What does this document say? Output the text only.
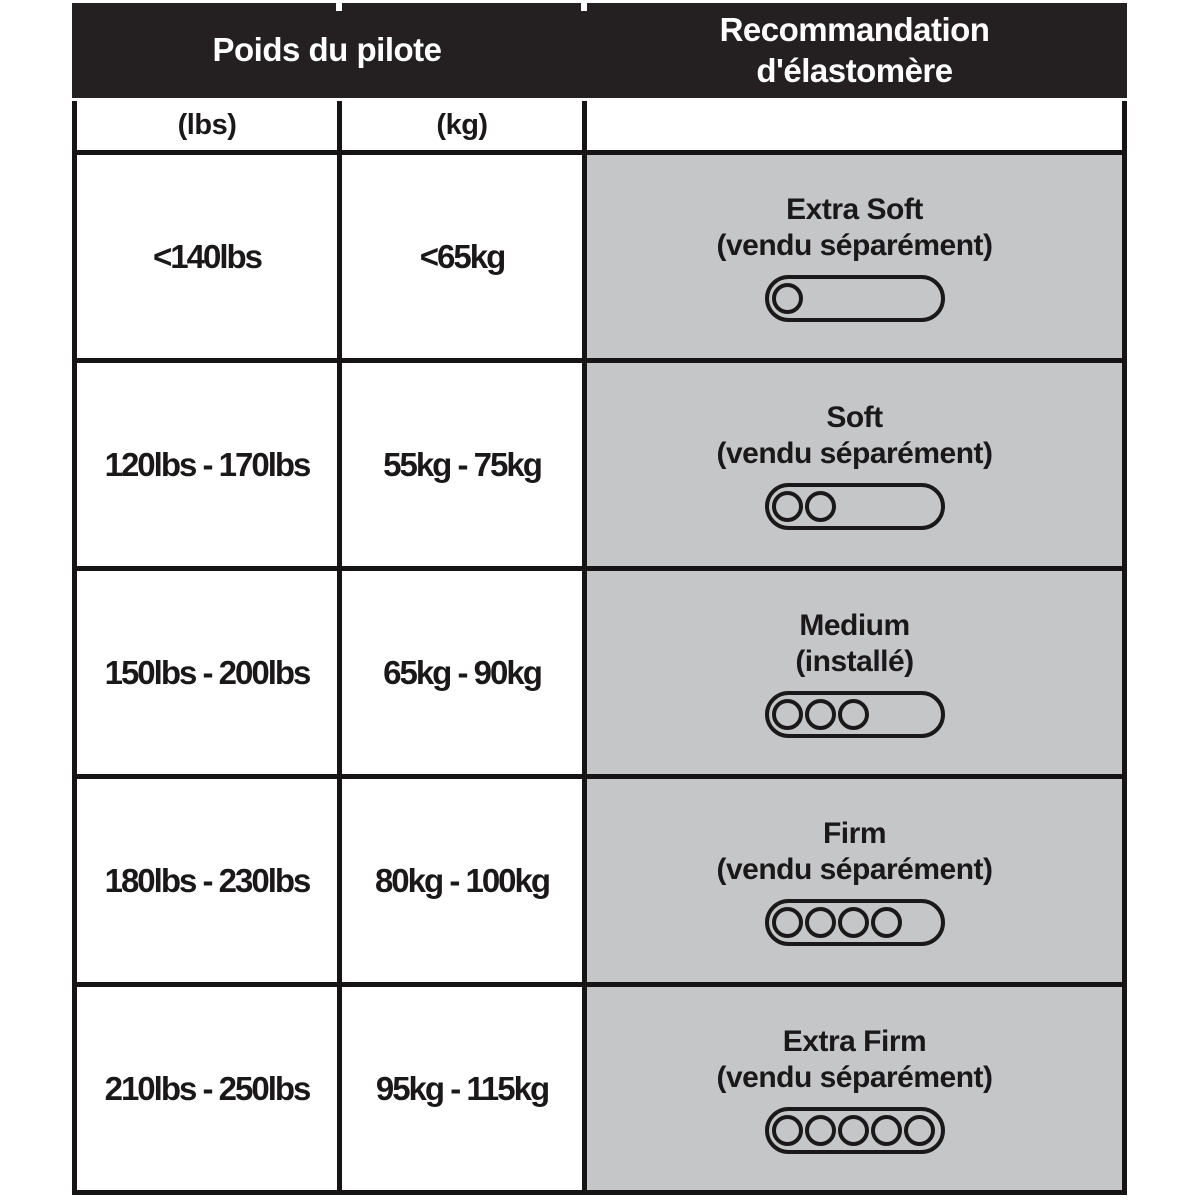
Poids du pilote
Recommandation
d'élastomère
(lbs)	(kg)
<140lbs	<65kg
Extra Soft
(vendu séparément)
120lbs - 170lbs 55kg - 75kg
Soft
(vendu séparément)
150lbs - 200lbs 65kg - 90kg
Medium
(installé)
180lbs - 230lbs 80kg - 100kg
Firm
(vendu séparément)
210lbs - 250lbs 95kg - 115kg
Extra Firm
(vendu séparément)
